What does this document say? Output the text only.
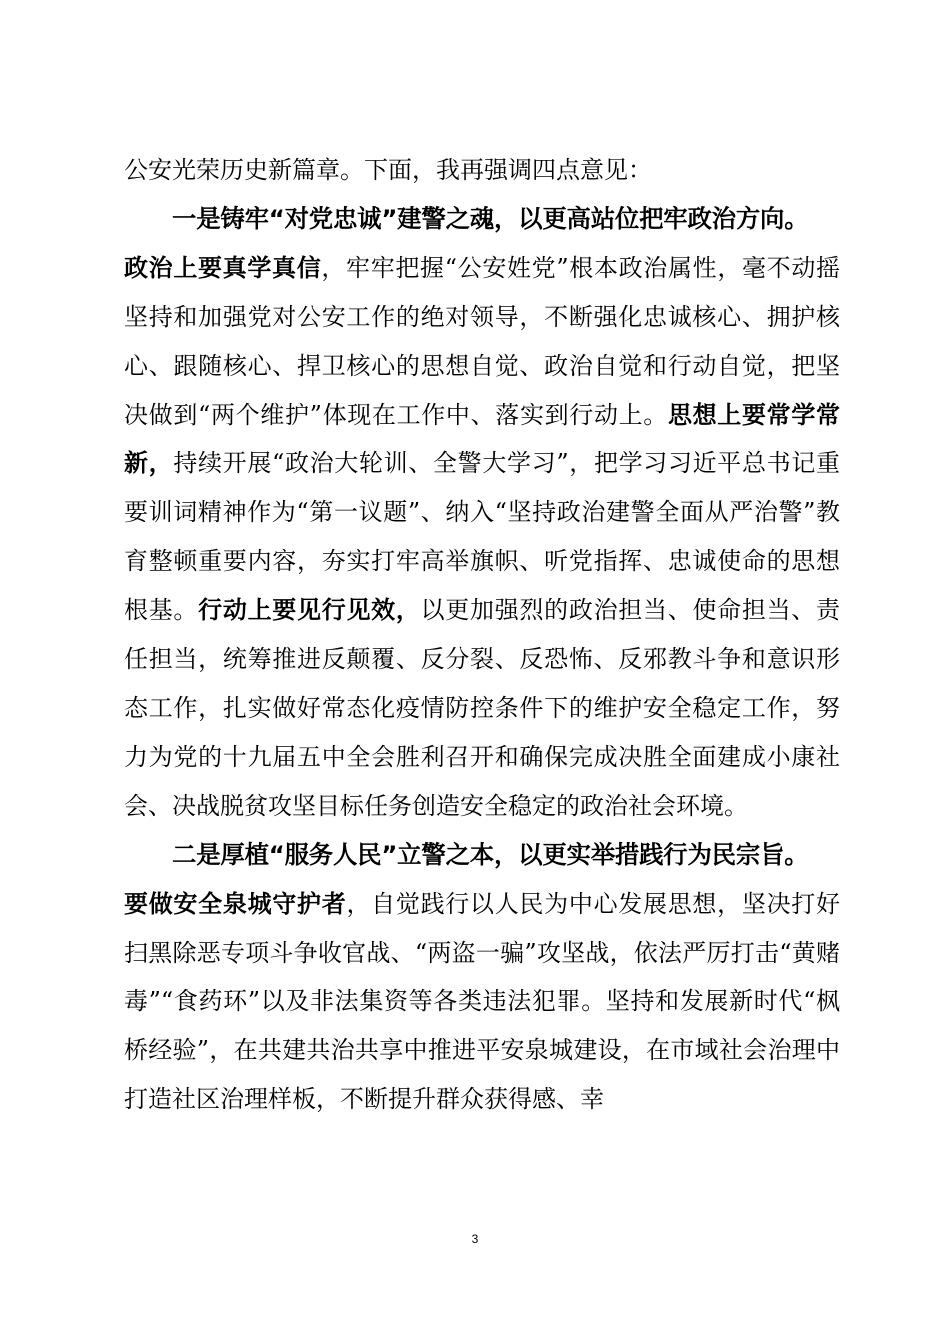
公安光荣历史新篇章。下面，我再强调四点意见：

一是铸牢“对党忠诚”建警之魂，以更高站位把牢政治方向。

政治上要真学真信，牢牢把握“公安姓党”根本政治属性，毫不动摇坚持和加强党对公安工作的绝对领导，不断强化忠诚核心、拥护核心、跟随核心、捍卫核心的思想自觉、政治自觉和行动自觉，把坚决做到“两个维护”体现在工作中、落实到行动上。思想上要常学常新，持续开展“政治大轮训、全警大学习”，把学习习近平总书记重要训词精神作为“第一议题”、纳入“坚持政治建警全面从严治警”教育整顿重要内容，夯实打牢高举旗帜、听党指挥、忠诚使命的思想根基。行动上要见行见效，以更加强烈的政治担当、使命担当、责任担当，统筹推进反颠覆、反分裂、反恐怖、反邪教斗争和意识形态工作，扎实做好常态化疫情防控条件下的维护安全稳定工作，努力为党的十九届五中全会胜利召开和确保完成决胜全面建成小康社会、决战脱贫攻坚目标任务创造安全稳定的政治社会环境。

二是厚植“服务人民”立警之本，以更实举措践行为民宗旨。

要做安全泉城守护者，自觉践行以人民为中心发展思想，坚决打好扫黑除恶专项斗争收官战、“两盗一骗”攻坚战，依法严厉打击“黄赌毒”“食药环”以及非法集资等各类违法犯罪。坚持和发展新时代“枫桥经验”，在共建共治共享中推进平安泉城建设，在市域社会治理中打造社区治理样板，不断提升群众获得感、幸

3
